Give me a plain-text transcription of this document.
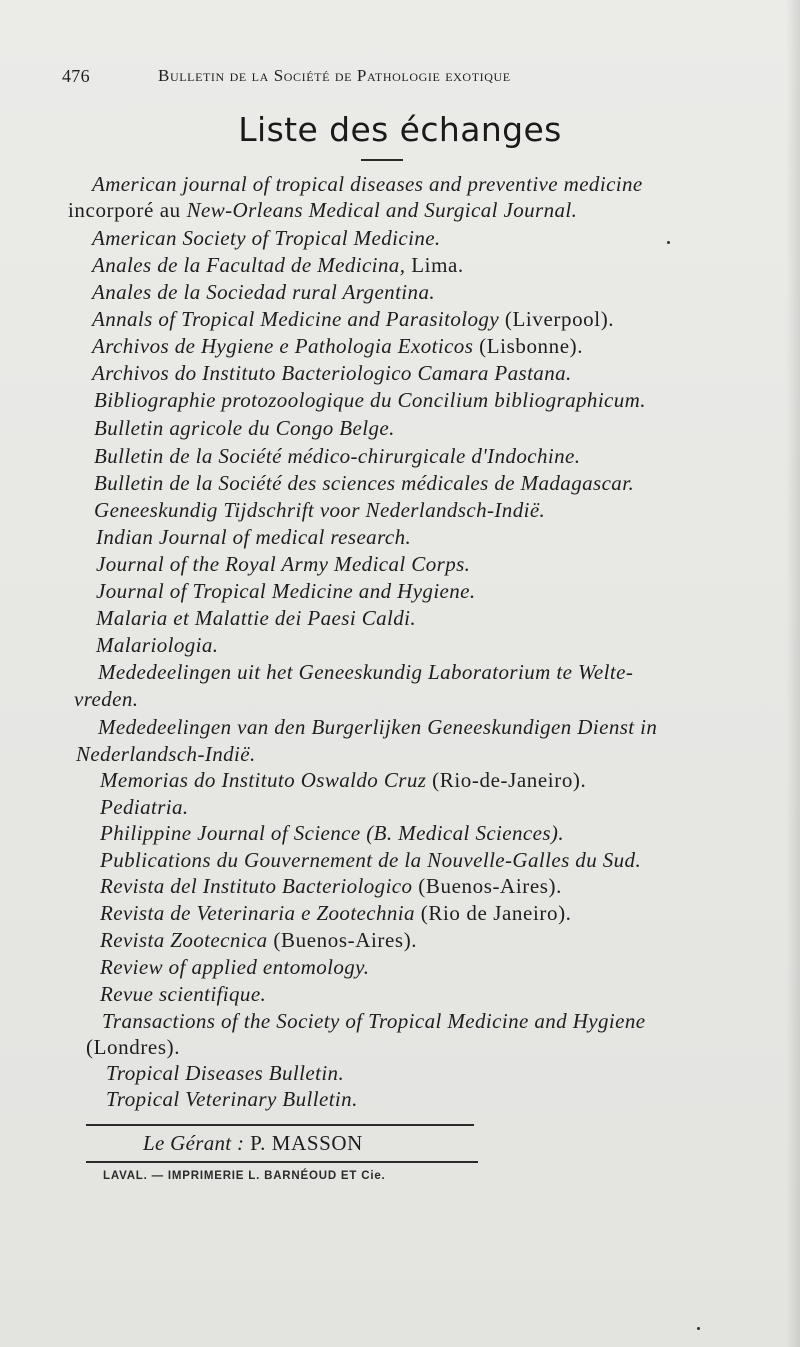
476	Bulletin de la Société de Pathologie exotique
Liste des échanges
American journal of tropical diseases and preventive medicine
incorporé au New-Orleans Medical and Surgical Journal.
American Society of Tropical Medicine.
Anales de la Facultad de Medicina, Lima.
Anales de la Sociedad rural Argentina.
Annals of Tropical Medicine and Parasitology (Liverpool).
Archivos de Hygiene e Pathologia Exoticos (Lisbonne).
Archivos do Instituto Bacteriologico Camara Pastana.
Bibliographie protozoologique du Concilium bibliographicum.
Bulletin agricole du Congo Belge.
Bulletin de la Société médico-chirurgicale d'Indochine.
Bulletin de la Société des sciences médicales de Madagascar.
Geneeskundig Tijdschrift voor Nederlandsch-Indië.
Indian Journal of medical research.
Journal of the Royal Army Medical Corps.
Journal of Tropical Medicine and Hygiene.
Malaria et Malattie dei Paesi Caldi.
Malariologia.
Mededeelingen uit het Geneeskundig Laboratorium te Welte-
vreden.
Mededeelingen van den Burgerlijken Geneeskundigen Dienst in
Nederlandsch-Indië.
Memorias do Instituto Oswaldo Cruz (Rio-de-Janeiro).
Pediatria.
Philippine Journal of Science (B. Medical Sciences).
Publications du Gouvernement de la Nouvelle-Galles du Sud.
Revista del Instituto Bacteriologico (Buenos-Aires).
Revista de Veterinaria e Zootechnia (Rio de Janeiro).
Revista Zootecnica (Buenos-Aires).
Review of applied entomology.
Revue scientifique.
Transactions of the Society of Tropical Medicine and Hygiene
(Londres).
Tropical Diseases Bulletin.
Tropical Veterinary Bulletin.
Le Gérant : P. MASSON
LAVAL. — IMPRIMERIE L. BARNÉOUD ET Cie.
